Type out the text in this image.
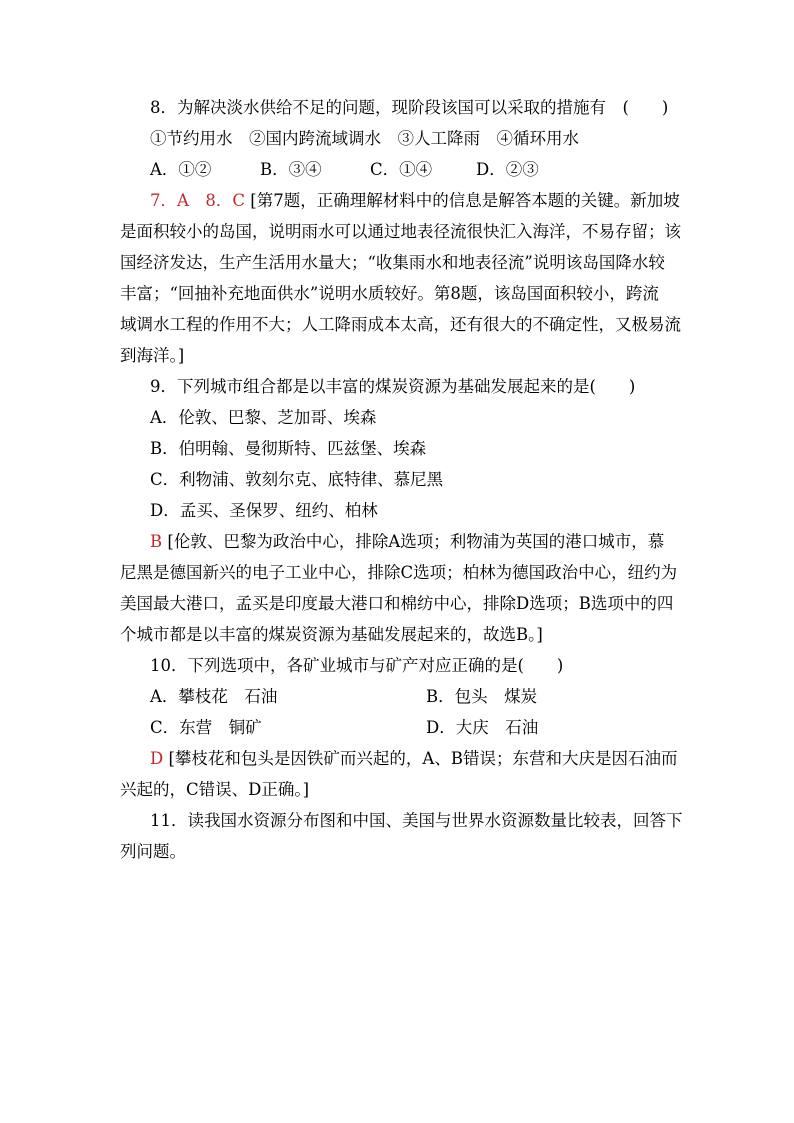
8．为解决淡水供给不足的问题，现阶段该国可以采取的措施有　(　　)
①节约用水　②国内跨流域调水　③人工降雨　④循环用水
A．①②	B．③④	C．①④	D．②③
7．A　8．C [第7题，正确理解材料中的信息是解答本题的关键。新加坡
是面积较小的岛国，说明雨水可以通过地表径流很快汇入海洋，不易存留；该
国经济发达，生产生活用水量大；“收集雨水和地表径流”说明该岛国降水较
丰富；“回抽补充地面供水”说明水质较好。第8题，该岛国面积较小，跨流
域调水工程的作用不大；人工降雨成本太高，还有很大的不确定性，又极易流
到海洋。]
9．下列城市组合都是以丰富的煤炭资源为基础发展起来的是(　　)
A．伦敦、巴黎、芝加哥、埃森
B．伯明翰、曼彻斯特、匹兹堡、埃森
C．利物浦、敦刻尔克、底特律、慕尼黑
D．孟买、圣保罗、纽约、柏林
B [伦敦、巴黎为政治中心，排除A选项；利物浦为英国的港口城市，慕
尼黑是德国新兴的电子工业中心，排除C选项；柏林为德国政治中心，纽约为
美国最大港口，孟买是印度最大港口和棉纺中心，排除D选项；B选项中的四
个城市都是以丰富的煤炭资源为基础发展起来的，故选B。]
10．下列选项中，各矿业城市与矿产对应正确的是(　　)
A．攀枝花　石油	B．包头　煤炭
C．东营　铜矿	D．大庆　石油
D [攀枝花和包头是因铁矿而兴起的，A、B错误；东营和大庆是因石油而
兴起的，C错误、D正确。]
11．读我国水资源分布图和中国、美国与世界水资源数量比较表，回答下
列问题。
